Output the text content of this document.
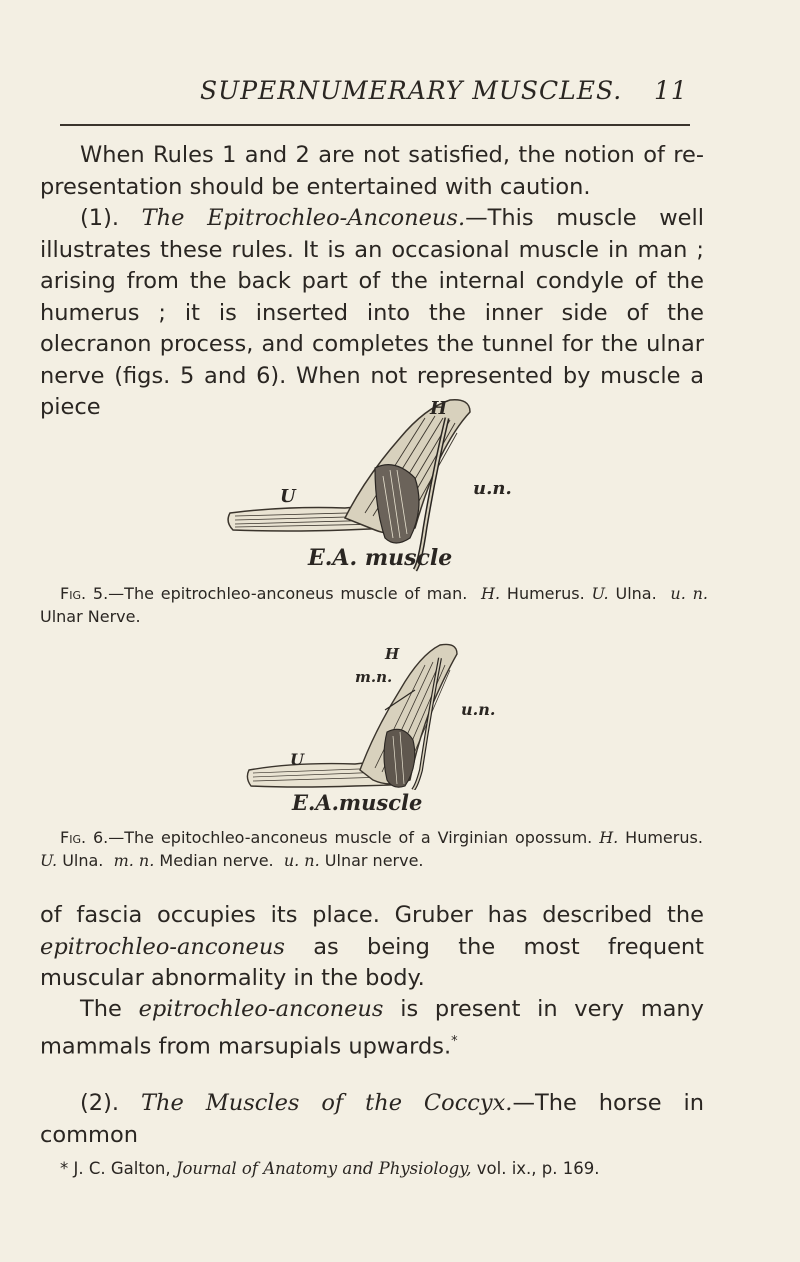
SUPERNUMERARY MUSCLES. 11
When Rules 1 and 2 are not satisfied, the notion of re-presentation should be entertained with caution.
(1). The Epitrochleo-Anconeus.—This muscle well illustrates these rules. It is an occasional muscle in man ; arising from the back part of the internal condyle of the humerus ; it is inserted into the inner side of the olecranon process, and completes the tunnel for the ulnar nerve (figs. 5 and 6). When not represented by muscle a piece	H
U	u.n.
E.A. muscle
Fig. 5.—The epitrochleo-anconeus muscle of man. H. Humerus. U. Ulna. u. n. Ulnar Nerve.
m.n.
H
U
u.n.
E.A.muscle
Fig. 6.—The epitochleo-anconeus muscle of a Virginian opossum. H. Humerus.  U. Ulna. m. n. Median nerve. u. n. Ulnar nerve.
of fascia occupies its place. Gruber has described the epitrochleo-anconeus as being the most frequent muscular abnormality in the body.
The epitrochleo-anconeus is present in very many mammals from marsupials upwards.*
(2). The Muscles of the Coccyx.—The horse in common
* J. C. Galton, Journal of Anatomy and Physiology, vol. ix., p. 169.
